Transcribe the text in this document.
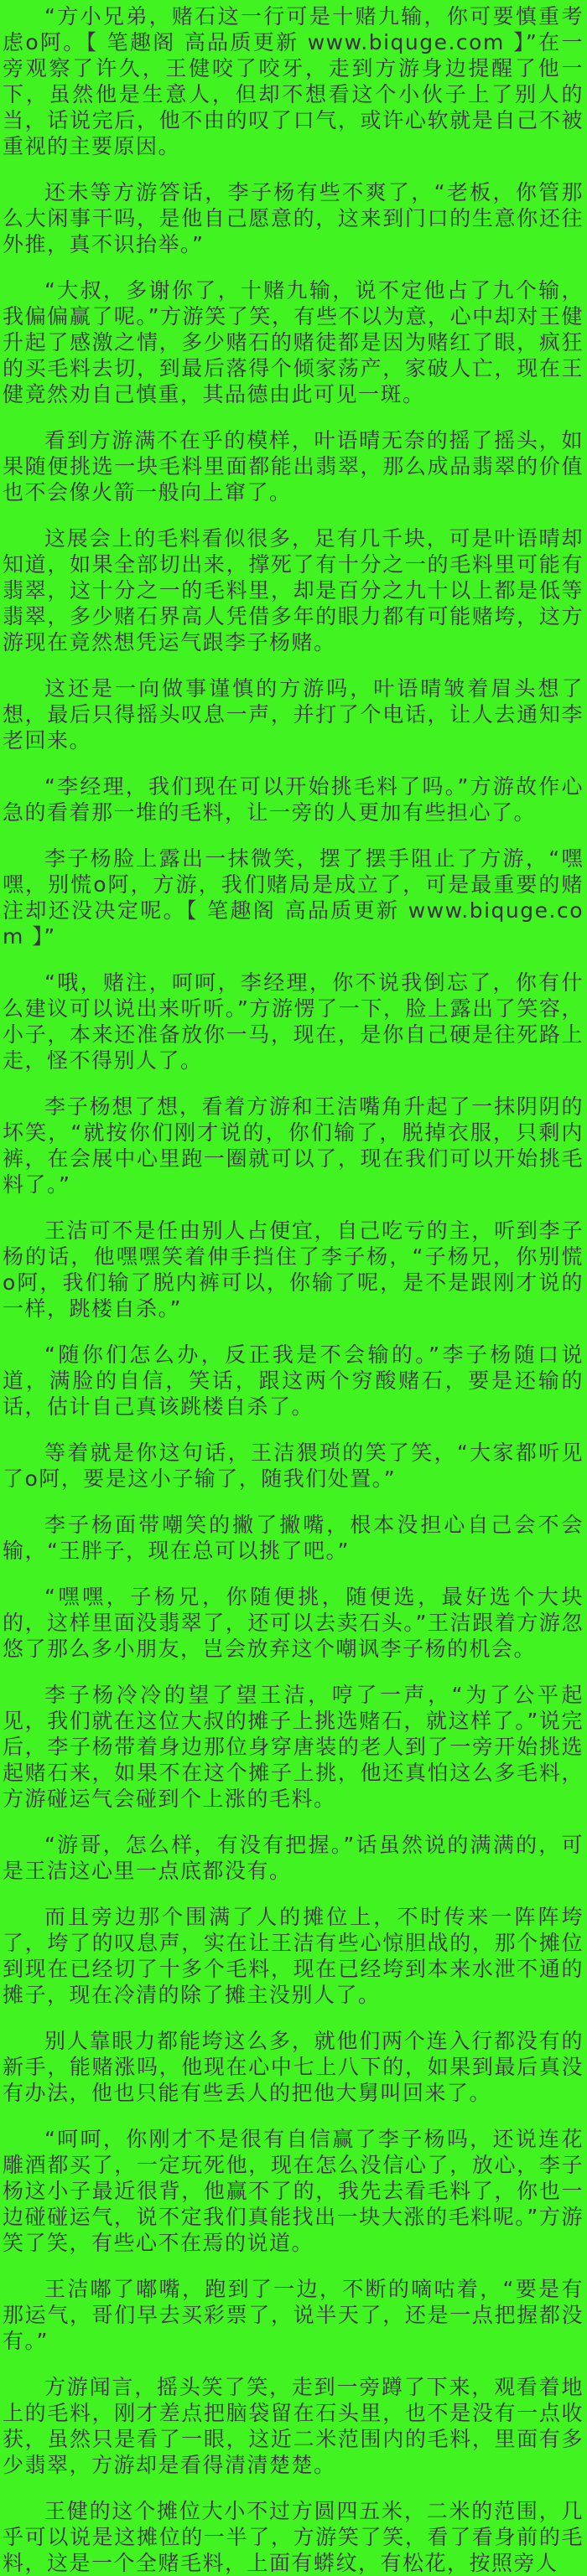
“方小兄弟，赌石这一行可是十赌九输，你可要慎重考虑o阿。【 笔趣阁 高品质更新 www.biquge.com 】”在一旁观察了许久，王健咬了咬牙，走到方游身边提醒了他一下，虽然他是生意人，但却不想看这个小伙子上了别人的当，话说完后，他不由的叹了口气，或许心软就是自己不被重视的主要原因。

还未等方游答话，李子杨有些不爽了，“老板，你管那么大闲事干吗，是他自己愿意的，这来到门口的生意你还往外推，真不识抬举。”

“大叔，多谢你了，十赌九输，说不定他占了九个输，我偏偏赢了呢。”方游笑了笑，有些不以为意，心中却对王健升起了感激之情，多少赌石的赌徒都是因为赌红了眼，疯狂的买毛料去切，到最后落得个倾家荡产，家破人亡，现在王健竟然劝自己慎重，其品德由此可见一斑。

看到方游满不在乎的模样，叶语晴无奈的摇了摇头，如果随便挑选一块毛料里面都能出翡翠，那么成品翡翠的价值也不会像火箭一般向上窜了。

这展会上的毛料看似很多，足有几千块，可是叶语晴却知道，如果全部切出来，撑死了有十分之一的毛料里可能有翡翠，这十分之一的毛料里，却是百分之九十以上都是低等翡翠，多少赌石界高人凭借多年的眼力都有可能赌垮，这方游现在竟然想凭运气跟李子杨赌。

这还是一向做事谨慎的方游吗，叶语晴皱着眉头想了想，最后只得摇头叹息一声，并打了个电话，让人去通知李老回来。

“李经理，我们现在可以开始挑毛料了吗。”方游故作心急的看着那一堆的毛料，让一旁的人更加有些担心了。

李子杨脸上露出一抹微笑，摆了摆手阻止了方游，“嘿嘿，别慌o阿，方游，我们赌局是成立了，可是最重要的赌注却还没决定呢。【 笔趣阁 高品质更新 www.biquge.com 】”

“哦，赌注，呵呵，李经理，你不说我倒忘了，你有什么建议可以说出来听听。”方游愣了一下，脸上露出了笑容，小子，本来还准备放你一马，现在，是你自己硬是往死路上走，怪不得别人了。

李子杨想了想，看着方游和王洁嘴角升起了一抹阴阴的坏笑，“就按你们刚才说的，你们输了，脱掉衣服，只剩内裤，在会展中心里跑一圈就可以了，现在我们可以开始挑毛料了。”

王洁可不是任由别人占便宜，自己吃亏的主，听到李子杨的话，他嘿嘿笑着伸手挡住了李子杨，“子杨兄，你别慌o阿，我们输了脱内裤可以，你输了呢，是不是跟刚才说的一样，跳楼自杀。”

“随你们怎么办，反正我是不会输的。”李子杨随口说道，满脸的自信，笑话，跟这两个穷酸赌石，要是还输的话，估计自己真该跳楼自杀了。

等着就是你这句话，王洁猥琐的笑了笑，“大家都听见了o阿，要是这小子输了，随我们处置。”

李子杨面带嘲笑的撇了撇嘴，根本没担心自己会不会输，“王胖子，现在总可以挑了吧。”

“嘿嘿，子杨兄，你随便挑，随便选，最好选个大块的，这样里面没翡翠了，还可以去卖石头。”王洁跟着方游忽悠了那么多小朋友，岂会放弃这个嘲讽李子杨的机会。

李子杨冷冷的望了望王洁，哼了一声，“为了公平起见，我们就在这位大叔的摊子上挑选赌石，就这样了。”说完后，李子杨带着身边那位身穿唐装的老人到了一旁开始挑选起赌石来，如果不在这个摊子上挑，他还真怕这么多毛料，方游碰运气会碰到个上涨的毛料。

“游哥，怎么样，有没有把握。”话虽然说的满满的，可是王洁这心里一点底都没有。

而且旁边那个围满了人的摊位上，不时传来一阵阵垮了，垮了的叹息声，实在让王洁有些心惊胆战的，那个摊位到现在已经切了十多个毛料，现在已经垮到本来水泄不通的摊子，现在冷清的除了摊主没别人了。

别人靠眼力都能垮这么多，就他们两个连入行都没有的新手，能赌涨吗，他现在心中七上八下的，如果到最后真没有办法，他也只能有些丢人的把他大舅叫回来了。

“呵呵，你刚才不是很有自信赢了李子杨吗，还说连花雕酒都买了，一定玩死他，现在怎么没信心了，放心，李子杨这小子最近很背，他赢不了的，我先去看毛料了，你也一边碰碰运气，说不定我们真能找出一块大涨的毛料呢。”方游笑了笑，有些心不在焉的说道。

王洁嘟了嘟嘴，跑到了一边，不断的嘀咕着，“要是有那运气，哥们早去买彩票了，说半天了，还是一点把握都没有。”

方游闻言，摇头笑了笑，走到一旁蹲了下来，观看着地上的毛料，刚才差点把脑袋留在石头里，也不是没有一点收获，虽然只是看了一眼，这近二米范围内的毛料，里面有多少翡翠，方游却是看得清清楚楚。

王健的这个摊位大小不过方圆四五米，二米的范围，几乎可以说是这摊位的一半了，方游笑了笑，看了看身前的毛料，这是一个全赌毛料，上面有蟒纹，有松花，按照旁人
